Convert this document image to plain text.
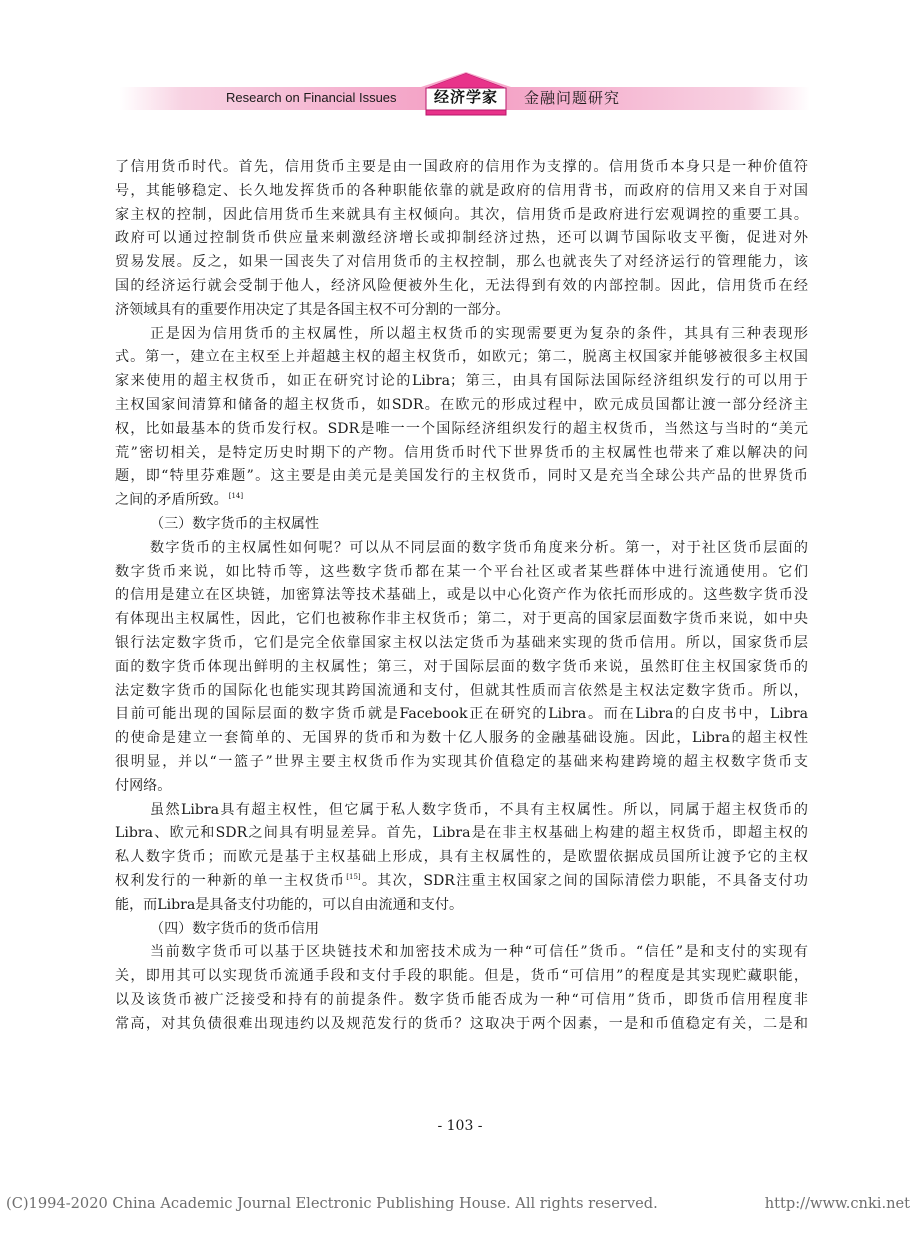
Research on Financial Issues	经济学家	金融问题研究

了信用货币时代。首先，信用货币主要是由一国政府的信用作为支撑的。信用货币本身只是一种价值符

号，其能够稳定、长久地发挥货币的各种职能依靠的就是政府的信用背书，而政府的信用又来自于对国

家主权的控制，因此信用货币生来就具有主权倾向。其次，信用货币是政府进行宏观调控的重要工具。

政府可以通过控制货币供应量来刺激经济增长或抑制经济过热，还可以调节国际收支平衡，促进对外

贸易发展。反之，如果一国丧失了对信用货币的主权控制，那么也就丧失了对经济运行的管理能力，该

国的经济运行就会受制于他人，经济风险便被外生化，无法得到有效的内部控制。因此，信用货币在经

济领域具有的重要作用决定了其是各国主权不可分割的一部分。

正是因为信用货币的主权属性，所以超主权货币的实现需要更为复杂的条件，其具有三种表现形

式。第一，建立在主权至上并超越主权的超主权货币，如欧元；第二，脱离主权国家并能够被很多主权国

家来使用的超主权货币，如正在研究讨论的Libra；第三，由具有国际法国际经济组织发行的可以用于

主权国家间清算和储备的超主权货币，如SDR。在欧元的形成过程中，欧元成员国都让渡一部分经济主

权，比如最基本的货币发行权。SDR是唯一一个国际经济组织发行的超主权货币，当然这与当时的“美元

荒”密切相关，是特定历史时期下的产物。信用货币时代下世界货币的主权属性也带来了难以解决的问

题，即“特里芬难题”。这主要是由美元是美国发行的主权货币，同时又是充当全球公共产品的世界货币

之间的矛盾所致。[14]

（三）数字货币的主权属性

数字货币的主权属性如何呢？可以从不同层面的数字货币角度来分析。第一，对于社区货币层面的

数字货币来说，如比特币等，这些数字货币都在某一个平台社区或者某些群体中进行流通使用。它们

的信用是建立在区块链，加密算法等技术基础上，或是以中心化资产作为依托而形成的。这些数字货币没

有体现出主权属性，因此，它们也被称作非主权货币；第二，对于更高的国家层面数字货币来说，如中央

银行法定数字货币，它们是完全依靠国家主权以法定货币为基础来实现的货币信用。所以，国家货币层

面的数字货币体现出鲜明的主权属性；第三，对于国际层面的数字货币来说，虽然盯住主权国家货币的

法定数字货币的国际化也能实现其跨国流通和支付，但就其性质而言依然是主权法定数字货币。所以，

目前可能出现的国际层面的数字货币就是Facebook正在研究的Libra。而在Libra的白皮书中，Libra

的使命是建立一套简单的、无国界的货币和为数十亿人服务的金融基础设施。因此，Libra的超主权性

很明显，并以“一篮子”世界主要主权货币作为实现其价值稳定的基础来构建跨境的超主权数字货币支

付网络。

虽然Libra具有超主权性，但它属于私人数字货币，不具有主权属性。所以，同属于超主权货币的

Libra、欧元和SDR之间具有明显差异。首先，Libra是在非主权基础上构建的超主权货币，即超主权的

私人数字货币；而欧元是基于主权基础上形成，具有主权属性的，是欧盟依据成员国所让渡予它的主权

权利发行的一种新的单一主权货币[15]。其次，SDR注重主权国家之间的国际清偿力职能，不具备支付功

能，而Libra是具备支付功能的，可以自由流通和支付。

（四）数字货币的货币信用

当前数字货币可以基于区块链技术和加密技术成为一种“可信任”货币。“信任”是和支付的实现有

关，即用其可以实现货币流通手段和支付手段的职能。但是，货币“可信用”的程度是其实现贮藏职能，

以及该货币被广泛接受和持有的前提条件。数字货币能否成为一种“可信用”货币，即货币信用程度非

常高，对其负债很难出现违约以及规范发行的货币？这取决于两个因素，一是和币值稳定有关，二是和

- 103 -
(C)1994-2020 China Academic Journal Electronic Publishing House. All rights reserved.	http://www.cnki.net
